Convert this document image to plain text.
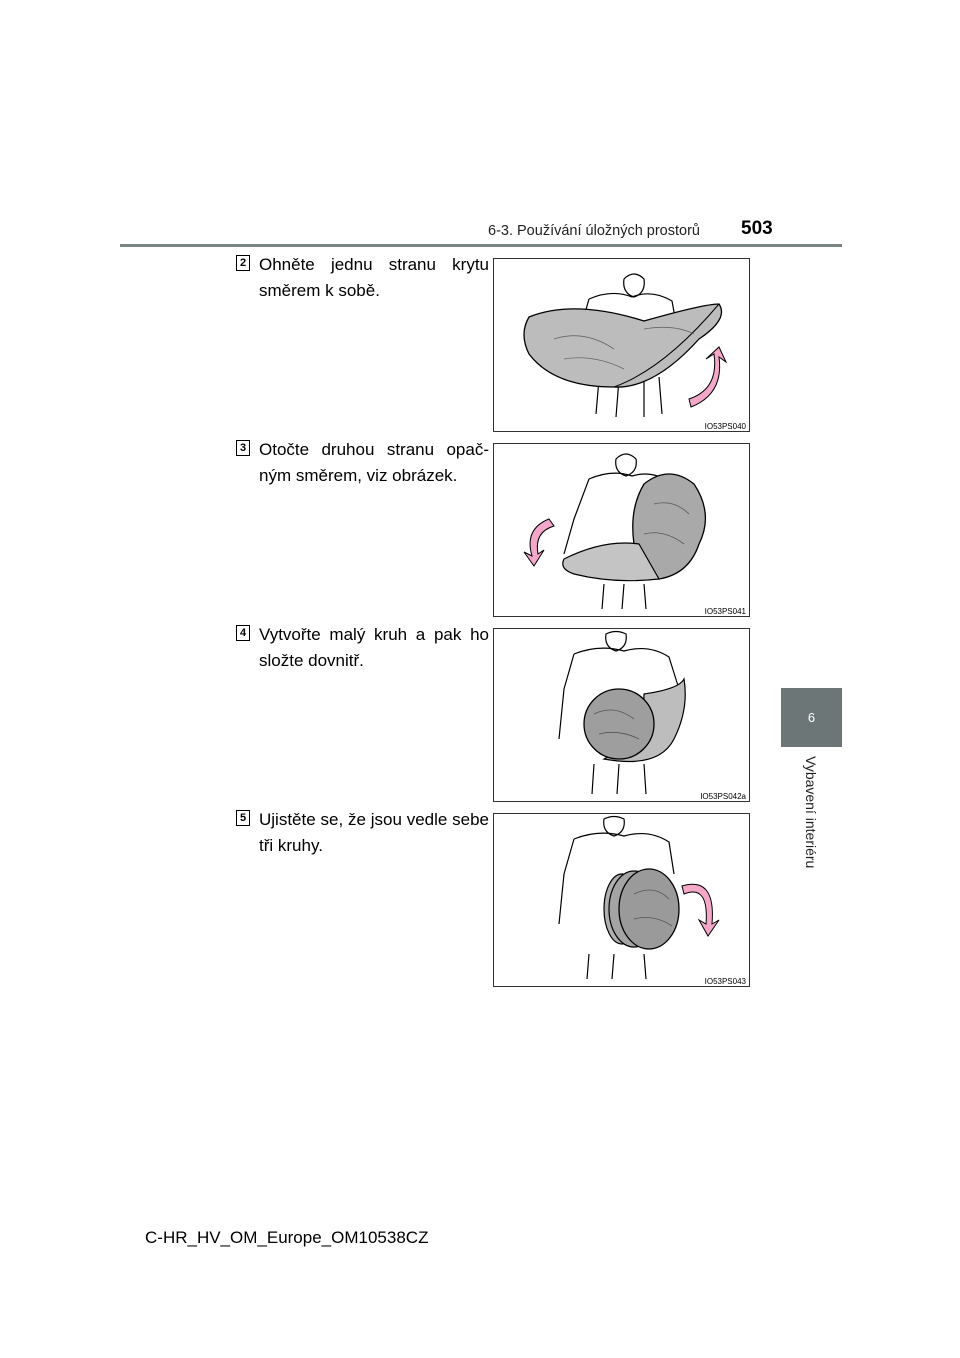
6-3. Používání úložných prostorů 503
6
Vybavení interiéru
2 Ohněte jednu stranu krytu směrem k sobě.
IO53PS040
3 Otočte druhou stranu opač-ným směrem, viz obrázek.
IO53PS041
4 Vytvořte malý kruh a pak ho složte dovnitř.
IO53PS042a
5 Ujistěte se, že jsou vedle sebe tři kruhy.
IO53PS043
C-HR_HV_OM_Europe_OM10538CZ
